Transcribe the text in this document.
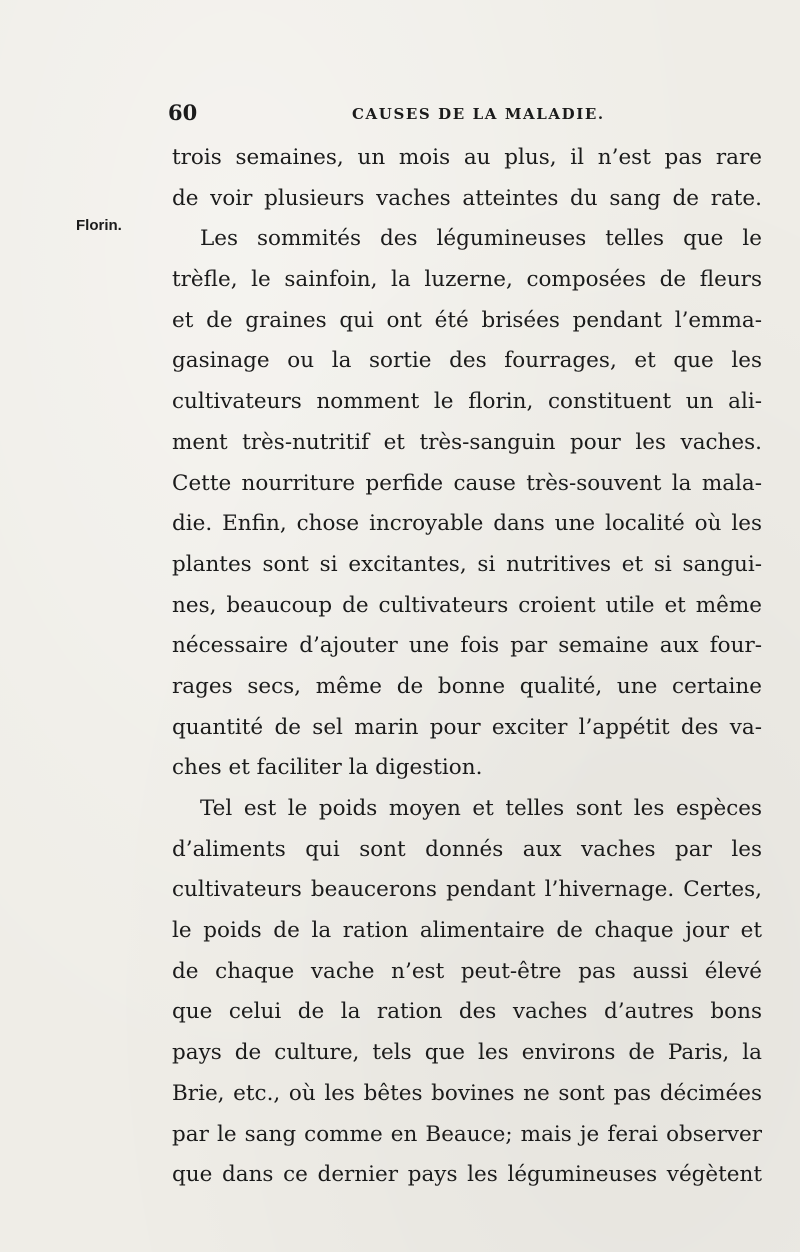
60	CAUSES DE LA MALADIE.
Florin.
trois semaines, un mois au plus, il n’est pas rare
de voir plusieurs vaches atteintes du sang de rate.
Les sommités des légumineuses telles que le
trèfle, le sainfoin, la luzerne, composées de fleurs
et de graines qui ont été brisées pendant l’emma-
gasinage ou la sortie des fourrages, et que les
cultivateurs nomment le florin, constituent un ali-
ment très-nutritif et très-sanguin pour les vaches.
Cette nourriture perfide cause très-souvent la mala-
die. Enfin, chose incroyable dans une localité où les
plantes sont si excitantes, si nutritives et si sangui-
nes, beaucoup de cultivateurs croient utile et même
nécessaire d’ajouter une fois par semaine aux four-
rages secs, même de bonne qualité, une certaine
quantité de sel marin pour exciter l’appétit des va-
ches et faciliter la digestion.
Tel est le poids moyen et telles sont les espèces
d’aliments qui sont donnés aux vaches par les
cultivateurs beaucerons pendant l’hivernage. Certes,
le poids de la ration alimentaire de chaque jour et
de chaque vache n’est peut-être pas aussi élevé
que celui de la ration des vaches d’autres bons
pays de culture, tels que les environs de Paris, la
Brie, etc., où les bêtes bovines ne sont pas décimées
par le sang comme en Beauce; mais je ferai observer
que dans ce dernier pays les légumineuses végètent
